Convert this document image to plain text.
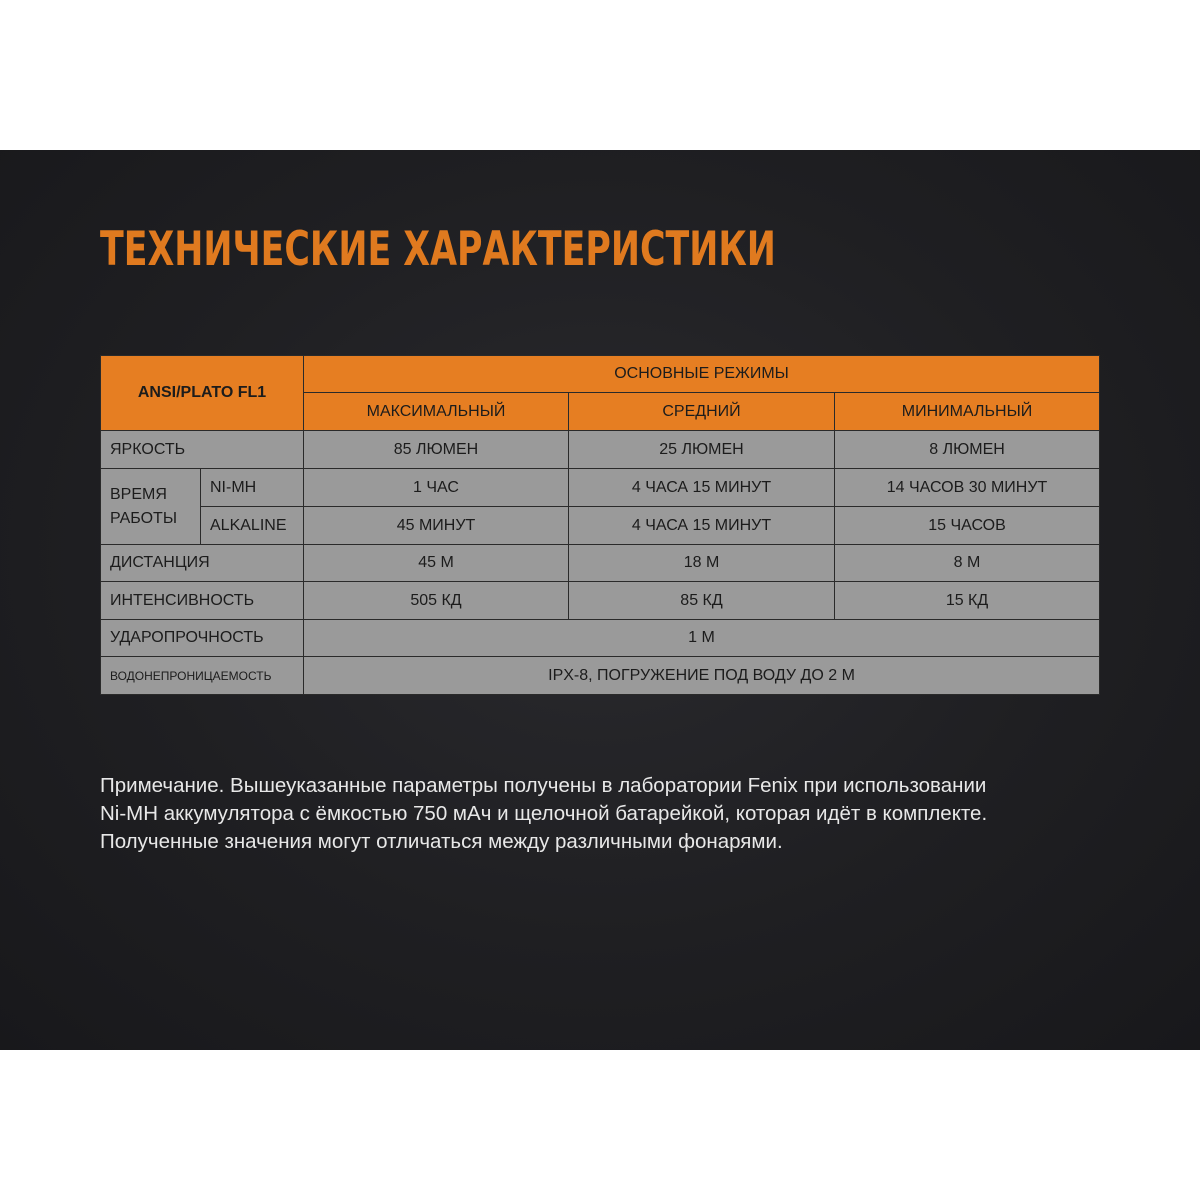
ТЕХНИЧЕСКИЕ ХАРАКТЕРИСТИКИ
ANSI/PLATO FL1		ОСНОВНЫЕ РЕЖИМЫ		
		МАКСИМАЛЬНЫЙ	СРЕДНИЙ	МИНИМАЛЬНЫЙ
ЯРКОСТЬ		85 ЛЮМЕН	25 ЛЮМЕН	8 ЛЮМЕН

ВРЕМЯ
РАБОТЫ	NI-MH	1 ЧАС	4 ЧАСА 15 МИНУТ	14 ЧАСОВ 30 МИНУТ
	ALKALINE	45 МИНУТ	4 ЧАСА 15 МИНУТ	15 ЧАСОВ
ДИСТАНЦИЯ		45 М	18 М	8 М
ИНТЕНСИВНОСТЬ		505 КД	85 КД	15 КД
УДАРОПРОЧНОСТЬ		1 М		
ВОДОНЕПРОНИЦАЕМОСТЬ		IPX-8, ПОГРУЖЕНИЕ ПОД ВОДУ ДО 2 М		
Примечание. Вышеуказанные параметры получены в лаборатории Fenix при использовании
Ni-MH аккумулятора с ёмкостью 750 мАч и щелочной батарейкой, которая идёт в комплекте.
Полученные значения могут отличаться между различными фонарями.
